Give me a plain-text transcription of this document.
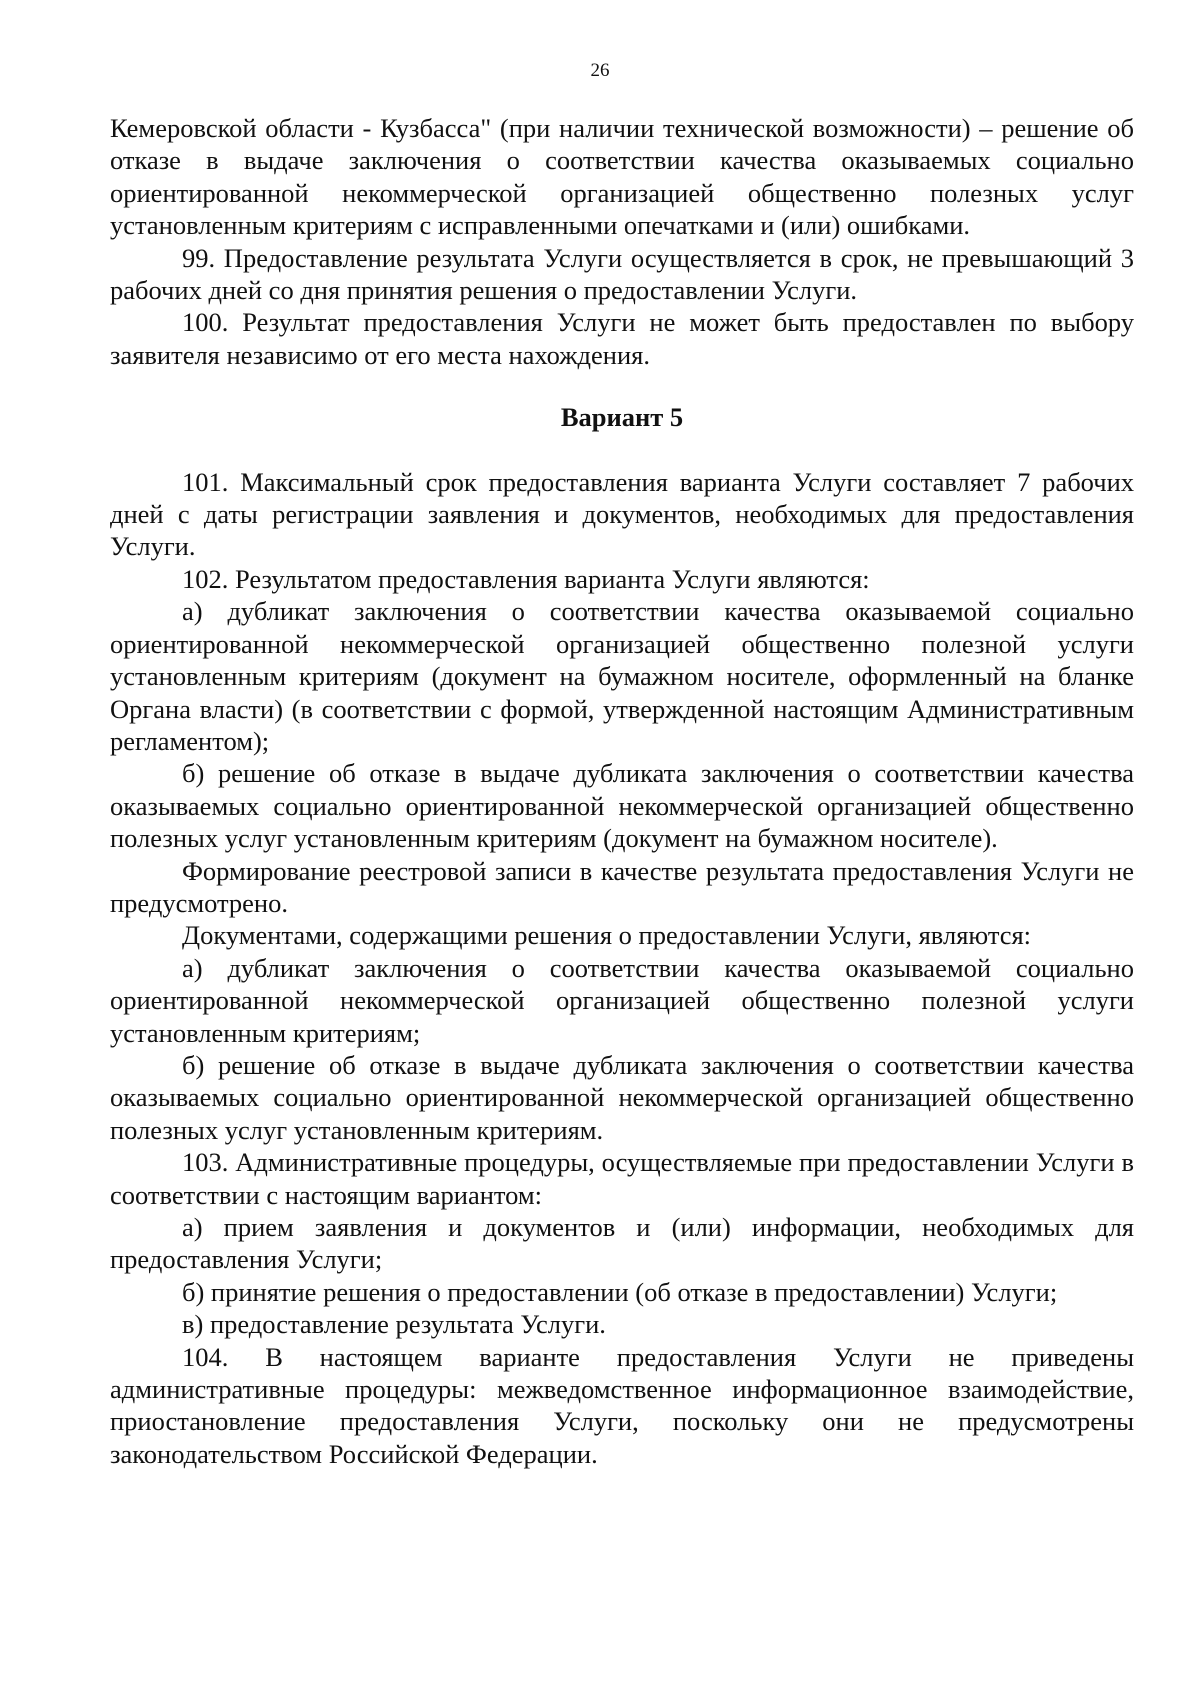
26

Кемеровской области - Кузбасса" (при наличии технической возможности) – решение об отказе в выдаче заключения о соответствии качества оказываемых социально ориентированной некоммерческой организацией общественно полезных услуг установленным критериям с исправленными опечатками и (или) ошибками.

99. Предоставление результата Услуги осуществляется в срок, не превышающий 3 рабочих дней со дня принятия решения о предоставлении Услуги.

100. Результат предоставления Услуги не может быть предоставлен по выбору заявителя независимо от его места нахождения.

Вариант 5

101. Максимальный срок предоставления варианта Услуги составляет 7 рабочих дней с даты регистрации заявления и документов, необходимых для предоставления Услуги.

102. Результатом предоставления варианта Услуги являются:

а) дубликат заключения о соответствии качества оказываемой социально ориентированной некоммерческой организацией общественно полезной услуги установленным критериям (документ на бумажном носителе, оформленный на бланке Органа власти) (в соответствии с формой, утвержденной настоящим Административным регламентом);

б) решение об отказе в выдаче дубликата заключения о соответствии качества оказываемых социально ориентированной некоммерческой организацией общественно полезных услуг установленным критериям (документ на бумажном носителе).

Формирование реестровой записи в качестве результата предоставления Услуги не предусмотрено.

Документами, содержащими решения о предоставлении Услуги, являются:

а) дубликат заключения о соответствии качества оказываемой социально ориентированной некоммерческой организацией общественно полезной услуги установленным критериям;

б) решение об отказе в выдаче дубликата заключения о соответствии качества оказываемых социально ориентированной некоммерческой организацией общественно полезных услуг установленным критериям.

103. Административные процедуры, осуществляемые при предоставлении Услуги в соответствии с настоящим вариантом:

а) прием заявления и документов и (или) информации, необходимых для предоставления Услуги;

б) принятие решения о предоставлении (об отказе в предоставлении) Услуги;

в) предоставление результата Услуги.

104. В настоящем варианте предоставления Услуги не приведены административные процедуры: межведомственное информационное взаимодействие, приостановление предоставления Услуги, поскольку они не предусмотрены законодательством Российской Федерации.
